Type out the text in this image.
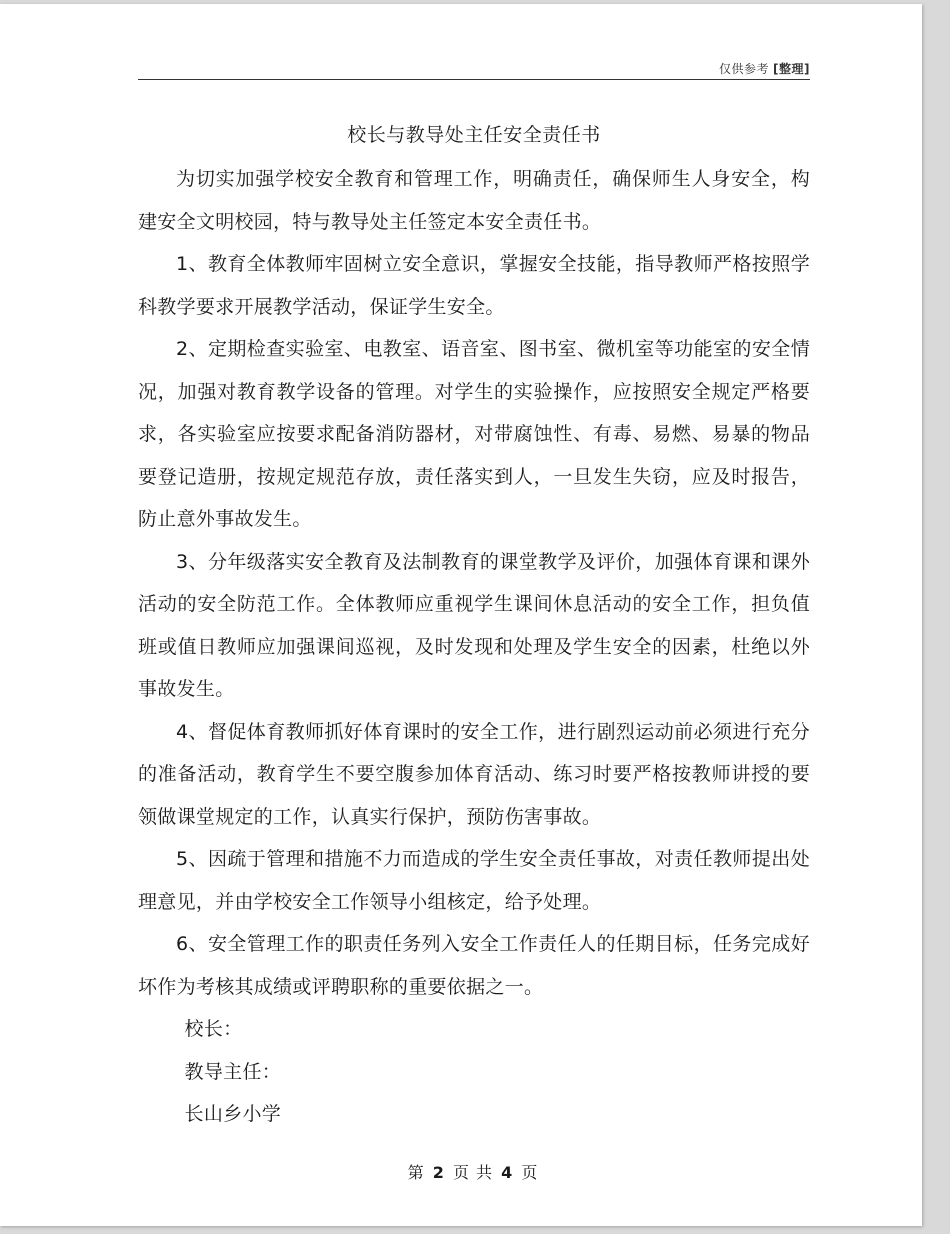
仅供参考 [整理]
校长与教导处主任安全责任书

为切实加强学校安全教育和管理工作，明确责任，确保师生人身安全，构建安全文明校园，特与教导处主任签定本安全责任书。

1、教育全体教师牢固树立安全意识，掌握安全技能，指导教师严格按照学科教学要求开展教学活动，保证学生安全。

2、定期检查实验室、电教室、语音室、图书室、微机室等功能室的安全情况，加强对教育教学设备的管理。对学生的实验操作，应按照安全规定严格要求，各实验室应按要求配备消防器材，对带腐蚀性、有毒、易燃、易暴的物品要登记造册，按规定规范存放，责任落实到人，一旦发生失窃，应及时报告，防止意外事故发生。

3、分年级落实安全教育及法制教育的课堂教学及评价，加强体育课和课外活动的安全防范工作。全体教师应重视学生课间休息活动的安全工作，担负值班或值日教师应加强课间巡视，及时发现和处理及学生安全的因素，杜绝以外事故发生。

4、督促体育教师抓好体育课时的安全工作，进行剧烈运动前必须进行充分的准备活动，教育学生不要空腹参加体育活动、练习时要严格按教师讲授的要领做课堂规定的工作，认真实行保护，预防伤害事故。

5、因疏于管理和措施不力而造成的学生安全责任事故，对责任教师提出处理意见，并由学校安全工作领导小组核定，给予处理。

6、安全管理工作的职责任务列入安全工作责任人的任期目标，任务完成好坏作为考核其成绩或评聘职称的重要依据之一。

校长：

教导主任：

长山乡小学

第 2 页 共 4 页
